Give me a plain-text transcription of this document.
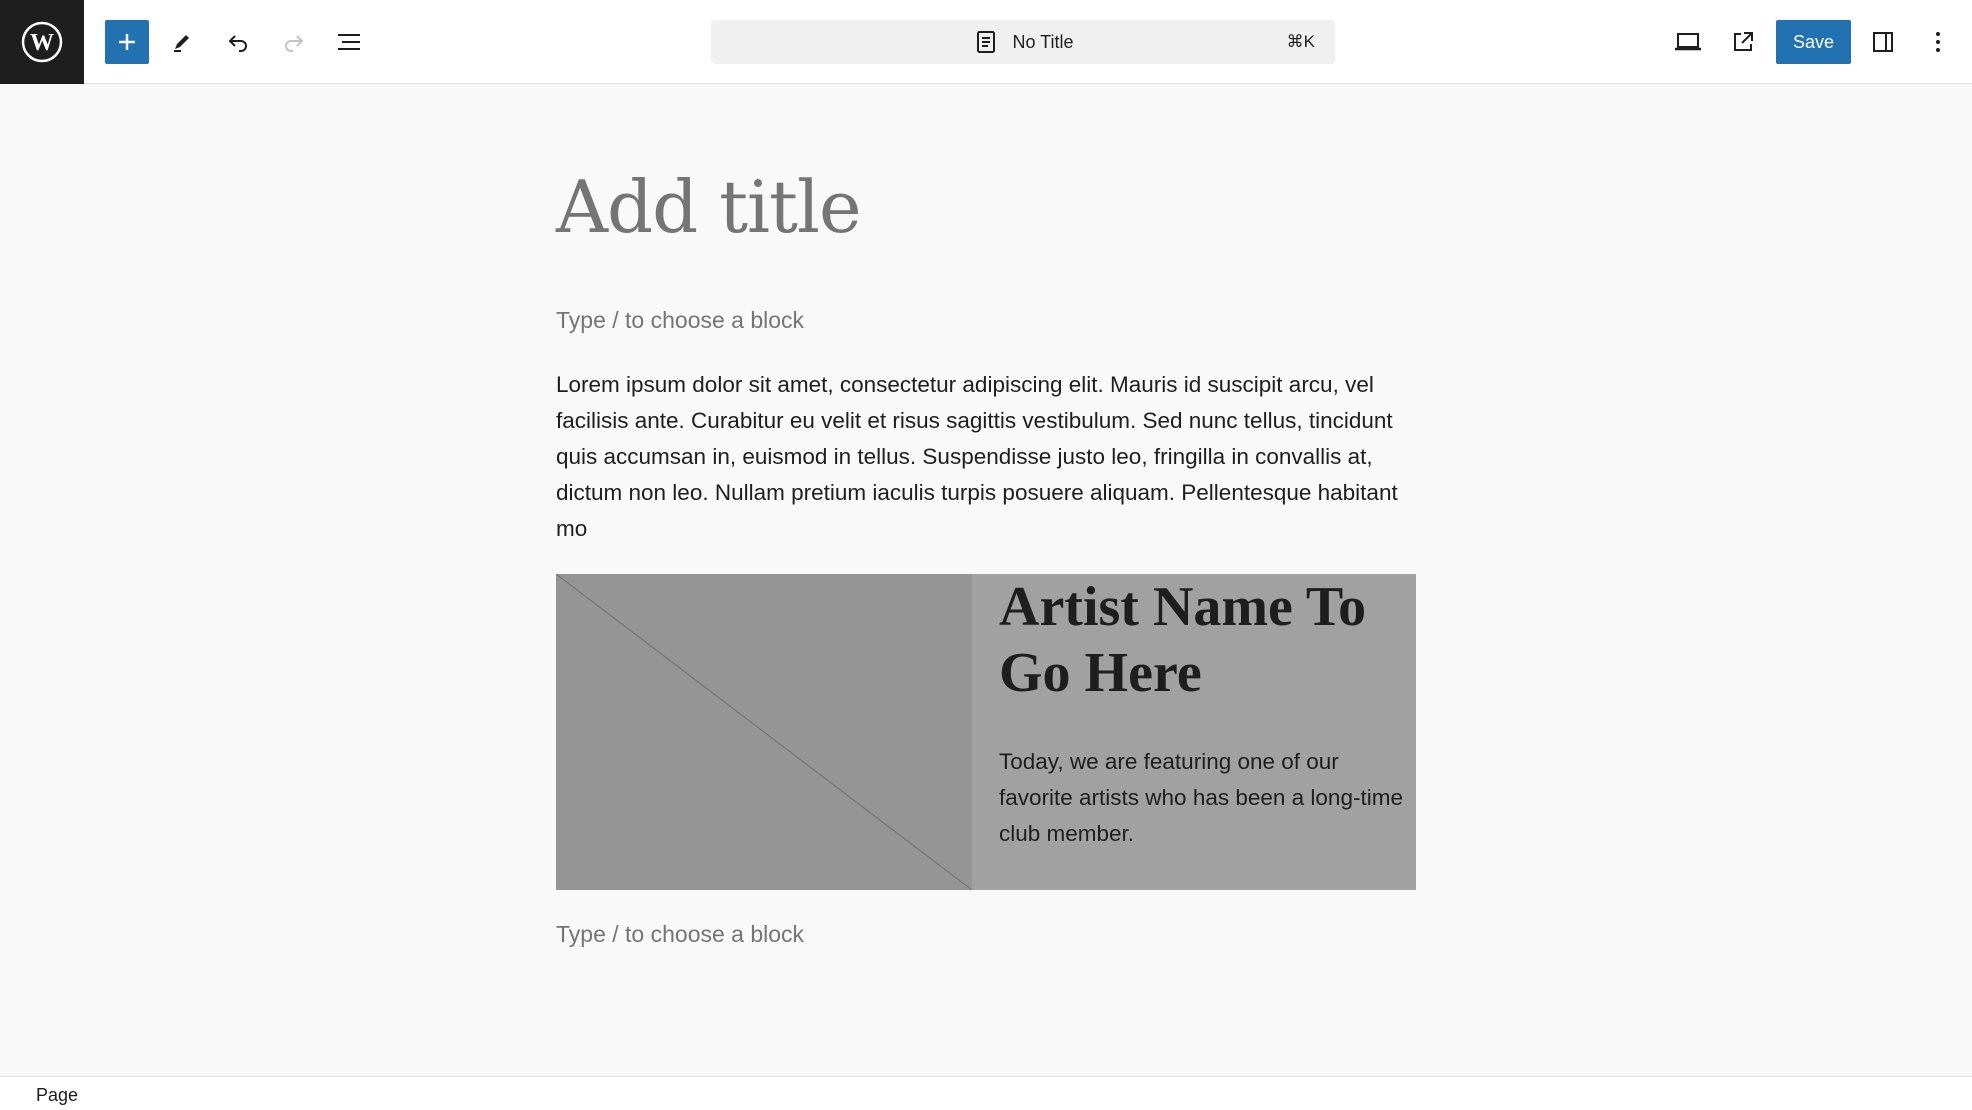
W	No Title	⌘K	Save
Add title
Type / to choose a block

Lorem ipsum dolor sit amet, consectetur adipiscing elit. Mauris id suscipit arcu, vel facilisis ante. Curabitur eu velit et risus sagittis vestibulum. Sed nunc tellus, tincidunt quis accumsan in, euismod in tellus. Suspendisse justo leo, fringilla in convallis at, dictum non leo. Nullam pretium iaculis turpis posuere aliquam. Pellentesque habitant mo

Artist Name To Go Here

Today, we are featuring one of our favorite artists who has been a long-time club member.

Type / to choose a block
Page
